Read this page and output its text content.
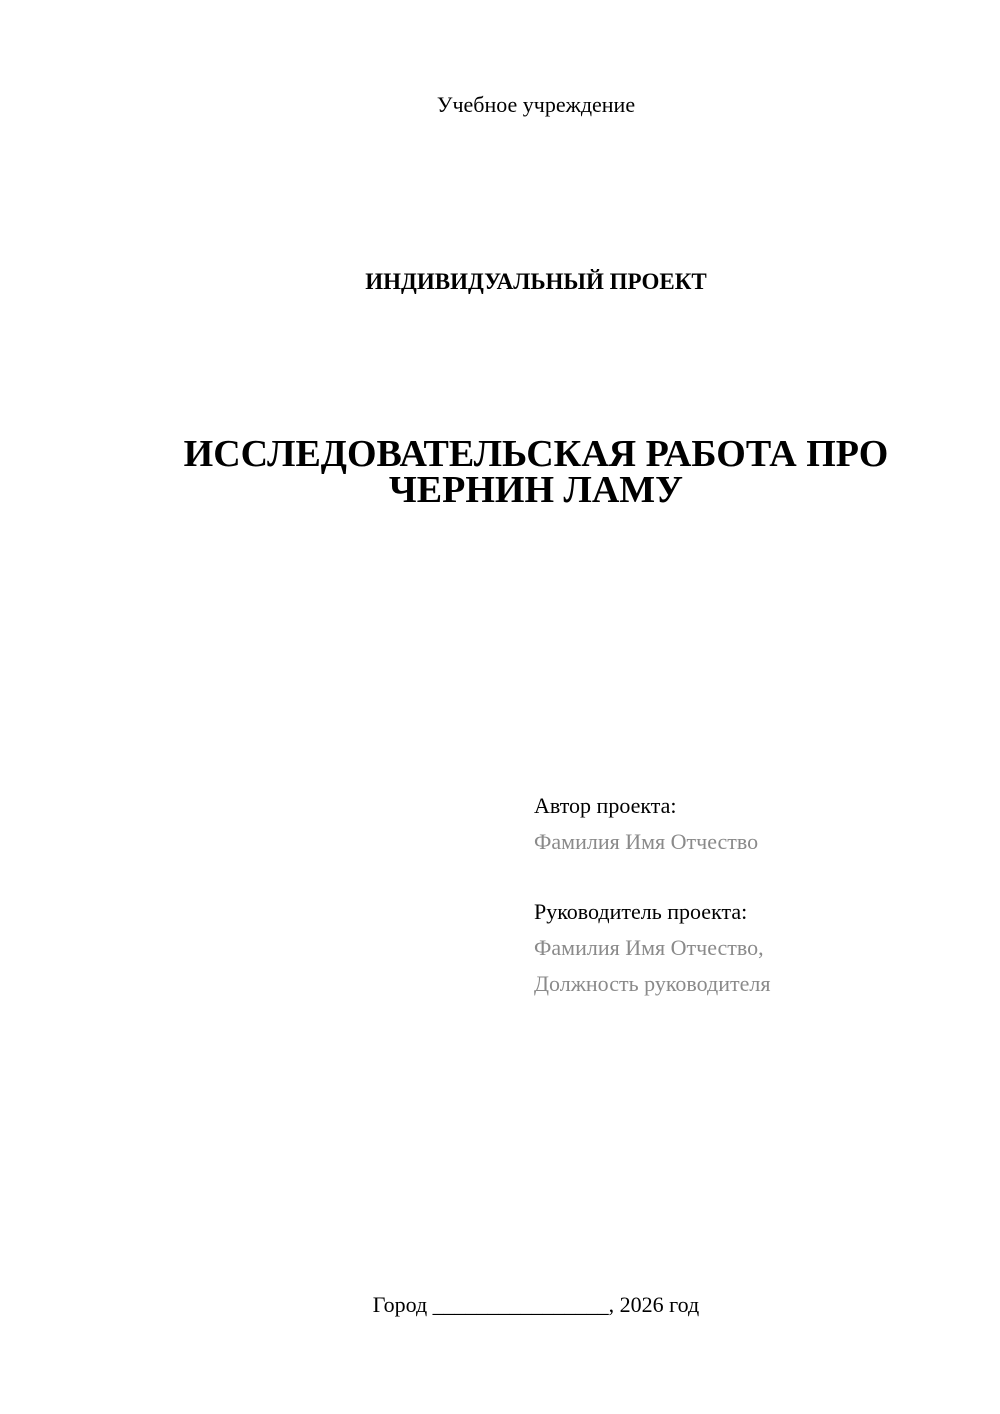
Учебное учреждение
ИНДИВИДУАЛЬНЫЙ ПРОЕКТ
ИССЛЕДОВАТЕЛЬСКАЯ РАБОТА ПРО
ЧЕРНИН ЛАМУ
Автор проекта:
Фамилия Имя Отчество
Руководитель проекта:
Фамилия Имя Отчество,
Должность руководителя
Город ________________, 2026 год
